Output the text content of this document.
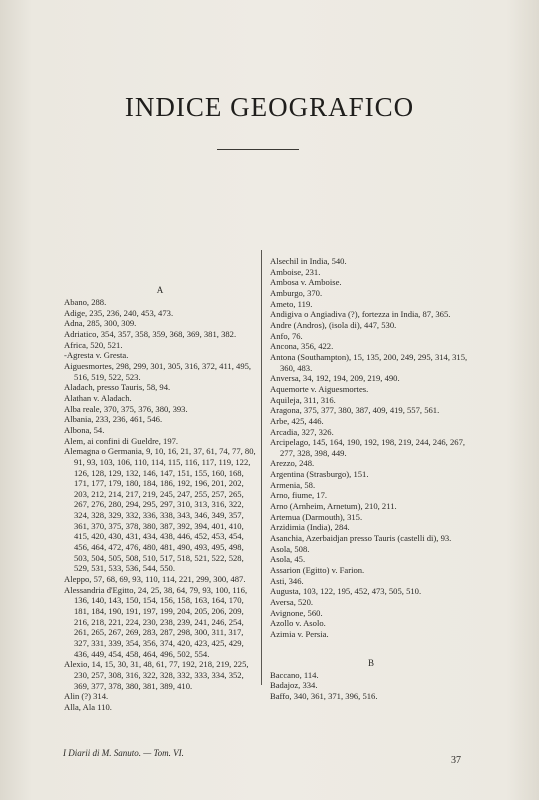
INDICE GEOGRAFICO
A

Abano, 288.

Adige, 235, 236, 240, 453, 473.

Adna, 285, 300, 309.

Adriatico, 354, 357, 358, 359, 368, 369, 381, 382.

Africa, 520, 521.

-Agresta v. Gresta.

Aiguesmortes, 298, 299, 301, 305, 316, 372, 411, 495, 516, 519, 522, 523.

Aladach, presso Tauris, 58, 94.

Alathan v. Aladach.

Alba reale, 370, 375, 376, 380, 393.

Albania, 233, 236, 461, 546.

Albona, 54.

Alem, ai confini di Gueldre, 197.

Alemagna o Germania, 9, 10, 16, 21, 37, 61, 74, 77, 80, 91, 93, 103, 106, 110, 114, 115, 116, 117, 119, 122, 126, 128, 129, 132, 146, 147, 151, 155, 160, 168, 171, 177, 179, 180, 184, 186, 192, 196, 201, 202, 203, 212, 214, 217, 219, 245, 247, 255, 257, 265, 267, 276, 280, 294, 295, 297, 310, 313, 316, 322, 324, 328, 329, 332, 336, 338, 343, 346, 349, 357, 361, 370, 375, 378, 380, 387, 392, 394, 401, 410, 415, 420, 430, 431, 434, 438, 446, 452, 453, 454, 456, 464, 472, 476, 480, 481, 490, 493, 495, 498, 503, 504, 505, 508, 510, 517, 518, 521, 522, 528, 529, 531, 533, 536, 544, 550.

Aleppo, 57, 68, 69, 93, 110, 114, 221, 299, 300, 487.

Alessandria d'Egitto, 24, 25, 38, 64, 79, 93, 100, 116, 136, 140, 143, 150, 154, 156, 158, 163, 164, 170, 181, 184, 190, 191, 197, 199, 204, 205, 206, 209, 216, 218, 221, 224, 230, 238, 239, 241, 246, 254, 261, 265, 267, 269, 283, 287, 298, 300, 311, 317, 327, 331, 339, 354, 356, 374, 420, 423, 425, 429, 436, 449, 454, 458, 464, 496, 502, 554.

Alexio, 14, 15, 30, 31, 48, 61, 77, 192, 218, 219, 225, 230, 257, 308, 316, 322, 328, 332, 333, 334, 352, 369, 377, 378, 380, 381, 389, 410.

Alin (?) 314.

Alla, Ala 110.

Alsechil in India, 540.

Amboise, 231.

Ambosa v. Amboise.

Amburgo, 370.

Ameto, 119.

Andigiva o Angiadiva (?), fortezza in India, 87, 365.

Andre (Andros), (isola di), 447, 530.

Anfo, 76.

Ancona, 356, 422.

Antona (Southampton), 15, 135, 200, 249, 295, 314, 315, 360, 483.

Anversa, 34, 192, 194, 209, 219, 490.

Aquemorte v. Aiguesmortes.

Aquileja, 311, 316.

Aragona, 375, 377, 380, 387, 409, 419, 557, 561.

Arbe, 425, 446.

Arcadia, 327, 326.

Arcipelago, 145, 164, 190, 192, 198, 219, 244, 246, 267, 277, 328, 398, 449.

Arezzo, 248.

Argentina (Strasburgo), 151.

Armenia, 58.

Arno, fiume, 17.

Arno (Arnheim, Arnetum), 210, 211.

Artemua (Darmouth), 315.

Arzidimia (India), 284.

Asanchia, Azerbaidjan presso Tauris (castelli di), 93.

Asola, 508.

Asola, 45.

Assarion (Egitto) v. Farion.

Asti, 346.

Augusta, 103, 122, 195, 452, 473, 505, 510.

Aversa, 520.

Avignone, 560.

Azollo v. Asolo.

Azimia v. Persia.

B

Baccano, 114.

Badajoz, 334.

Baffo, 340, 361, 371, 396, 516.

I Diarii di M. Sanuto. — Tom. VI.
37
